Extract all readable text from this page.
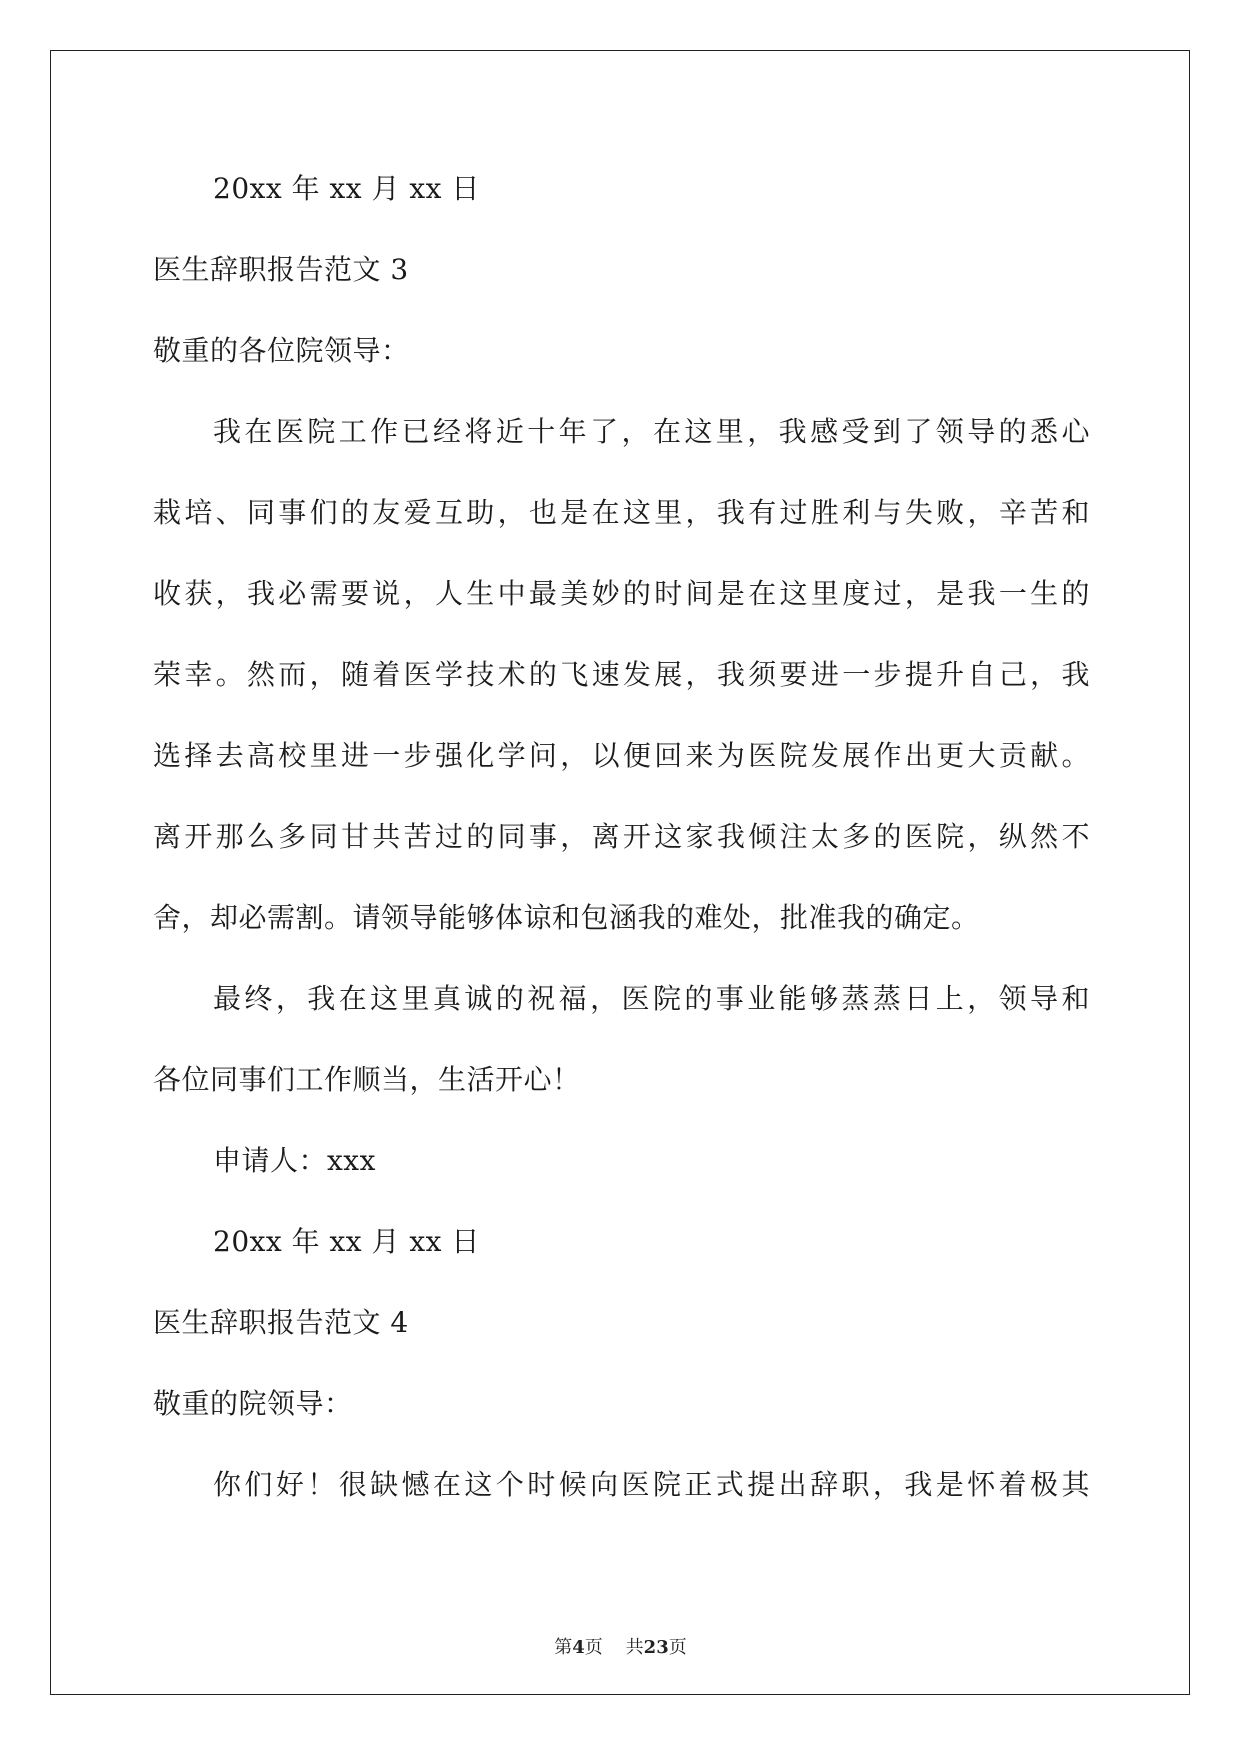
20xx 年 xx 月 xx 日
医生辞职报告范文 3
敬重的各位院领导：
我在医院工作已经将近十年了，在这里，我感受到了领导的悉心
栽培、同事们的友爱互助，也是在这里，我有过胜利与失败，辛苦和
收获，我必需要说，人生中最美妙的时间是在这里度过，是我一生的
荣幸。然而，随着医学技术的飞速发展，我须要进一步提升自己，我
选择去高校里进一步强化学问，以便回来为医院发展作出更大贡献。
离开那么多同甘共苦过的同事，离开这家我倾注太多的医院，纵然不
舍，却必需割。请领导能够体谅和包涵我的难处，批准我的确定。
最终，我在这里真诚的祝福，医院的事业能够蒸蒸日上，领导和
各位同事们工作顺当，生活开心！
申请人：xxx
20xx 年 xx 月 xx 日
医生辞职报告范文 4
敬重的院领导：
你们好！很缺憾在这个时候向医院正式提出辞职，我是怀着极其
第4页 共23页
